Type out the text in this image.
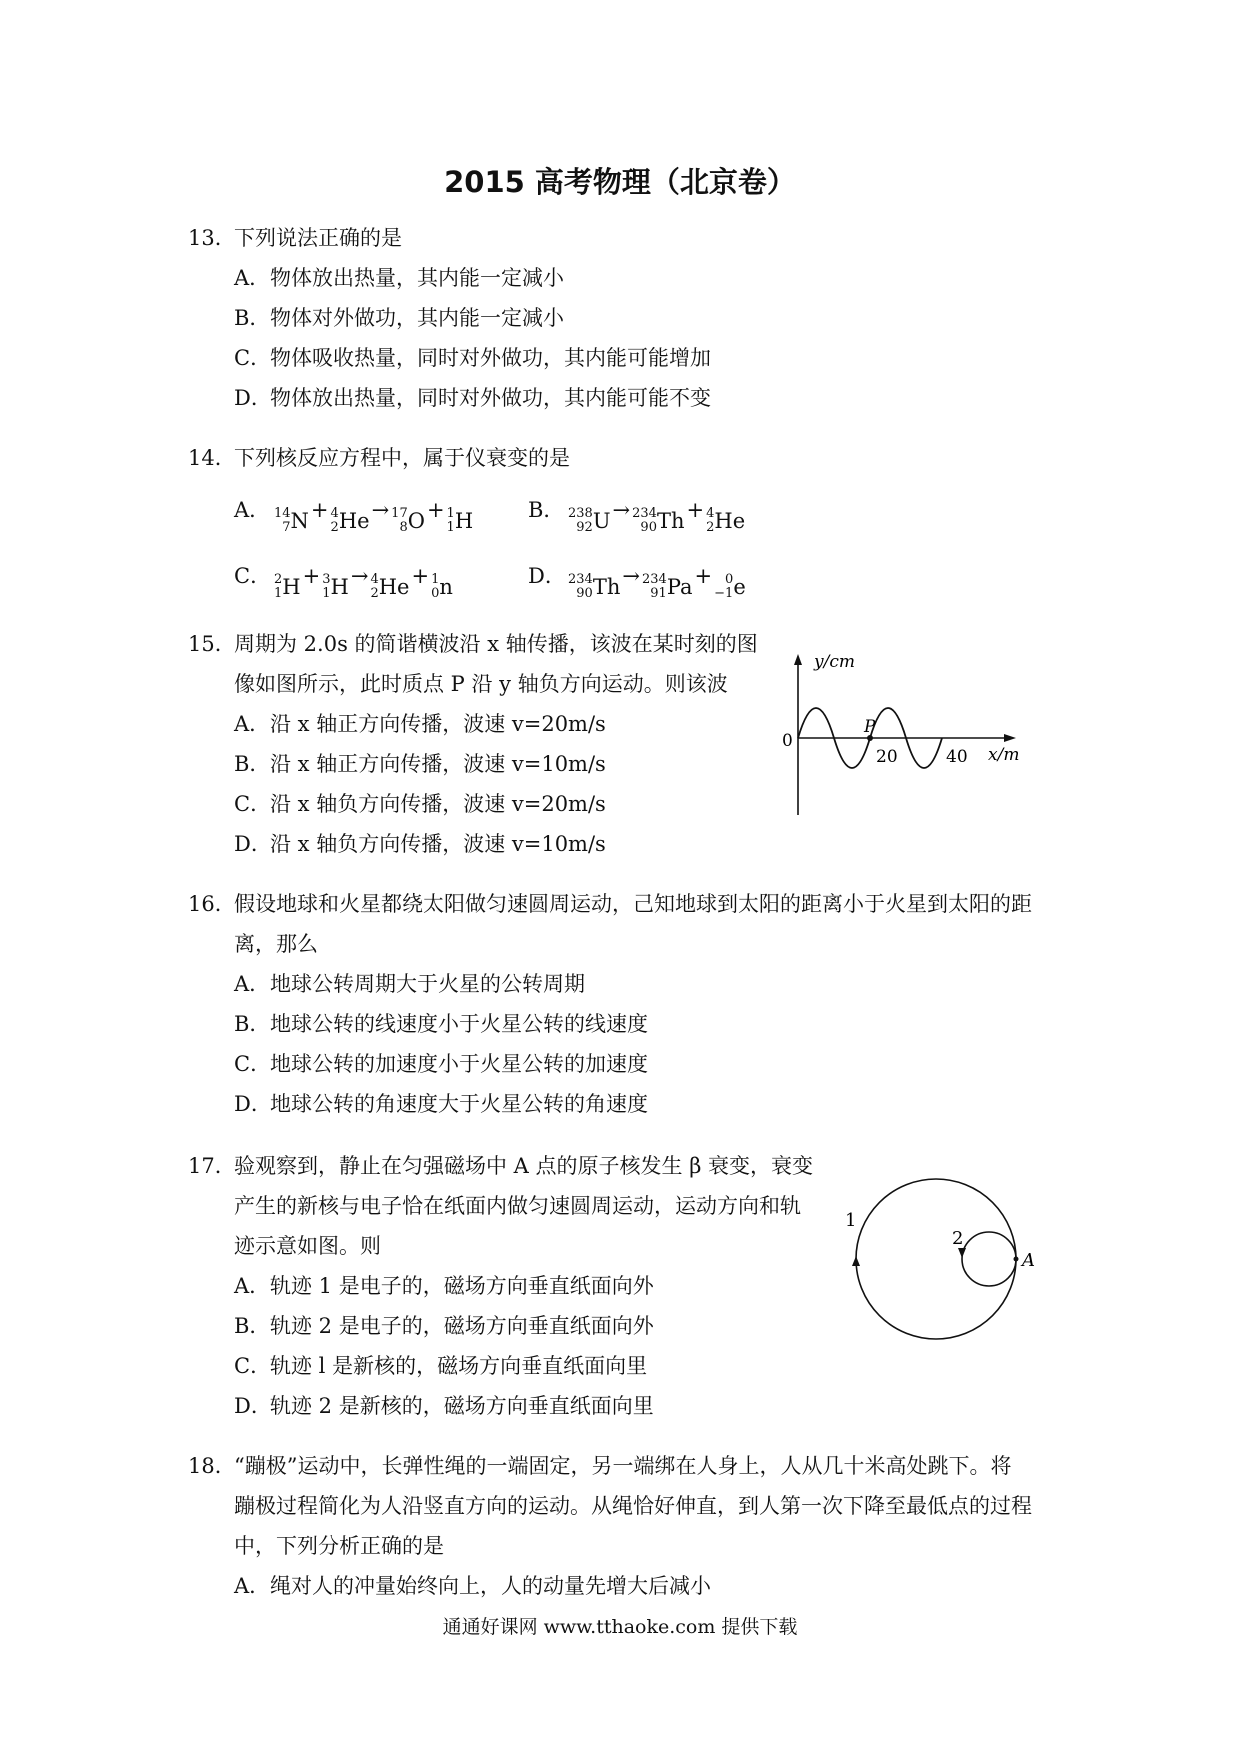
2015 高考物理（北京卷）
13．下列说法正确的是
A．物体放出热量，其内能一定减小
B．物体对外做功，其内能一定减小
C．物体吸收热量，同时对外做功，其内能可能增加
D．物体放出热量，同时对外做功，其内能可能不变
14．下列核反应方程中，属于仪衰变的是
A． 14
7 N + 4
2 He → 17
8 O + 1
1 H	B． 238
92 U → 234
90 Th + 4
2 He
C． 2
1 H + 3
1 H → 4
2 He + 1
0 n	D． 234
90 Th → 234
91 Pa + 0
−1 e
15．周期为 2.0s 的简谐横波沿 x 轴传播，该波在某时刻的图
像如图所示，此时质点 P 沿 y 轴负方向运动。则该波
A．沿 x 轴正方向传播，波速 v=20m/s
B．沿 x 轴正方向传播，波速 v=10m/s
C．沿 x 轴负方向传播，波速 v=20m/s
D．沿 x 轴负方向传播，波速 v=10m/s
y/cm
0
P
20	40 x/m
16．假设地球和火星都绕太阳做匀速圆周运动，己知地球到太阳的距离小于火星到太阳的距
离，那么
A．地球公转周期大于火星的公转周期
B．地球公转的线速度小于火星公转的线速度
C．地球公转的加速度小于火星公转的加速度
D．地球公转的角速度大于火星公转的角速度
17．验观察到，静止在匀强磁场中 A 点的原子核发生 β 衰变，衰变
产生的新核与电子恰在纸面内做匀速圆周运动，运动方向和轨
迹示意如图。则
A．轨迹 1 是电子的，磁场方向垂直纸面向外
B．轨迹 2 是电子的，磁场方向垂直纸面向外
C．轨迹 l 是新核的，磁场方向垂直纸面向里
D．轨迹 2 是新核的，磁场方向垂直纸面向里
1
2
A
18．“蹦极”运动中，长弹性绳的一端固定，另一端绑在人身上，人从几十米高处跳下。将
蹦极过程简化为人沿竖直方向的运动。从绳恰好伸直，到人第一次下降至最低点的过程
中，下列分析正确的是
A．绳对人的冲量始终向上，人的动量先增大后减小
通通好课网 www.tthaoke.com 提供下载
